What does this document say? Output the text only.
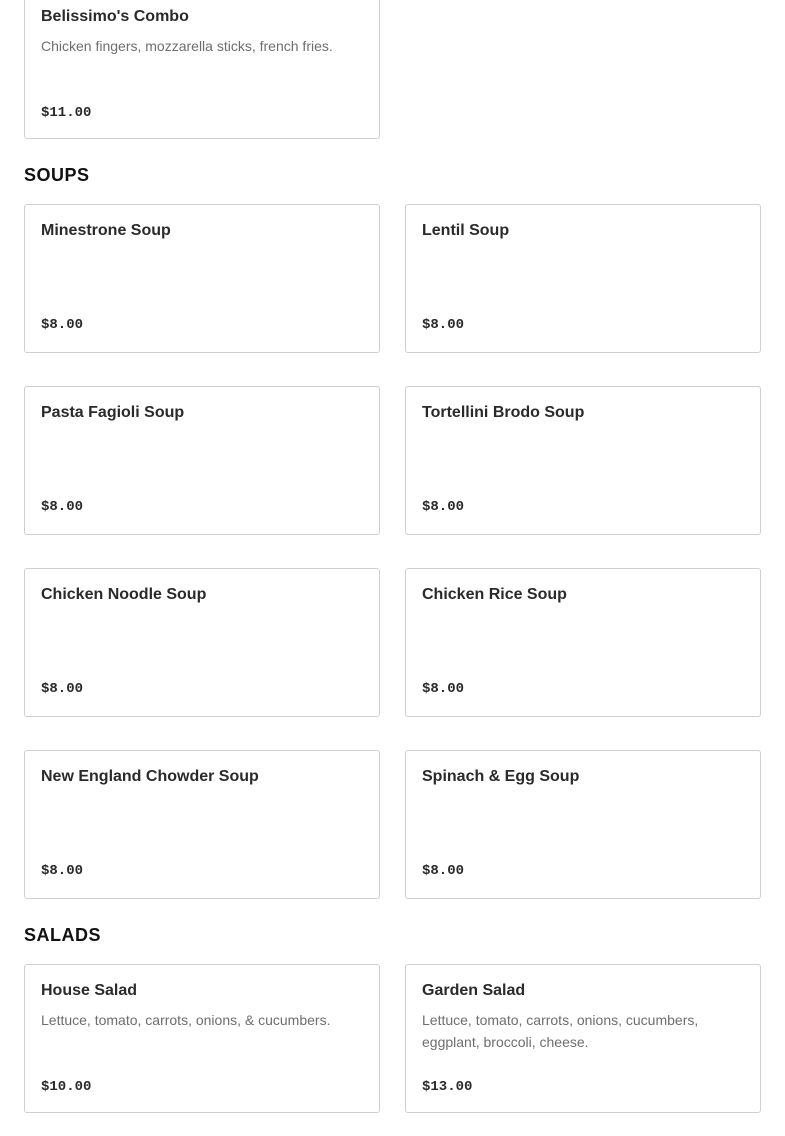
Belissimo's Combo
Chicken fingers, mozzarella sticks, french fries.
$11.00
SOUPS
Minestrone Soup
$8.00
Lentil Soup
$8.00
Pasta Fagioli Soup
$8.00
Tortellini Brodo Soup
$8.00
Chicken Noodle Soup
$8.00
Chicken Rice Soup
$8.00
New England Chowder Soup
$8.00
Spinach & Egg Soup
$8.00
SALADS
House Salad
Lettuce, tomato, carrots, onions, & cucumbers.
$10.00
Garden Salad
Lettuce, tomato, carrots, onions, cucumbers, eggplant, broccoli, cheese.
$13.00
